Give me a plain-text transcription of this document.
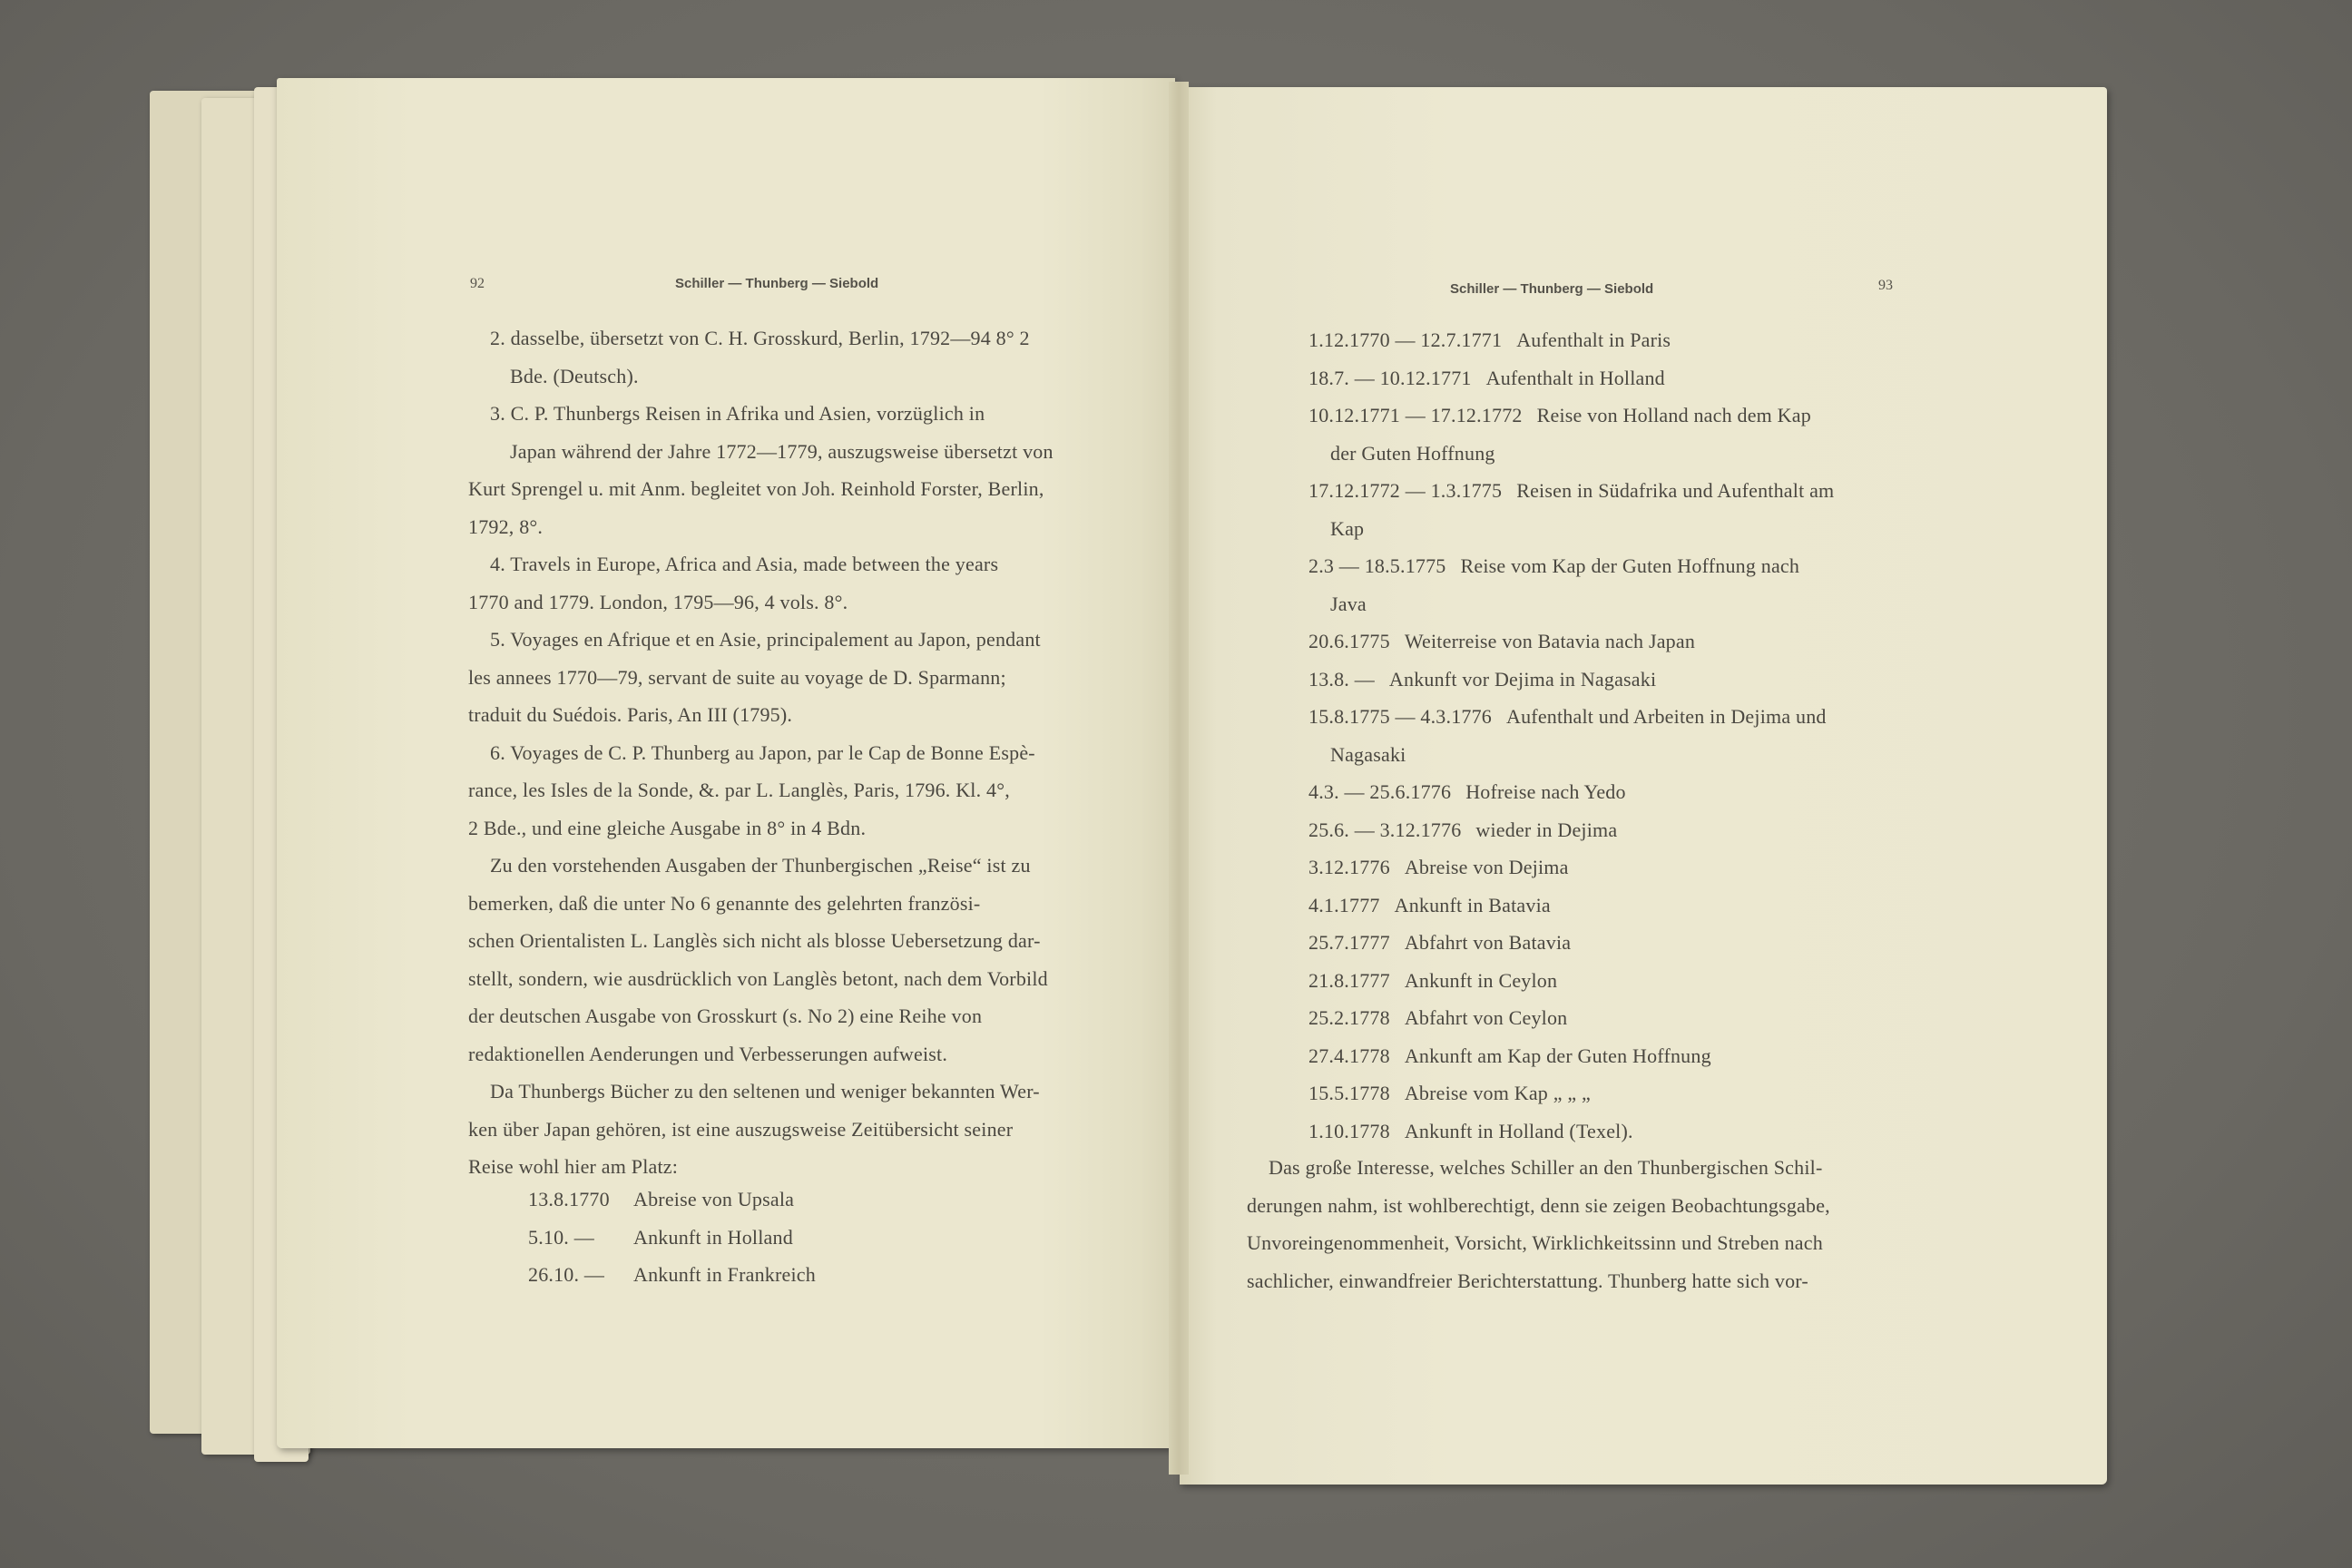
92	Schiller — Thunberg — Siebold
2. dasselbe, übersetzt von C. H. Grosskurd, Berlin, 1792—94 8° 2
Bde. (Deutsch).
3. C. P. Thunbergs Reisen in Afrika und Asien, vorzüglich in
Japan während der Jahre 1772—1779, auszugsweise übersetzt von
Kurt Sprengel u. mit Anm. begleitet von Joh. Reinhold Forster, Berlin,
1792, 8°.
4. Travels in Europe, Africa and Asia, made between the years
1770 and 1779. London, 1795—96, 4 vols. 8°.
5. Voyages en Afrique et en Asie, principalement au Japon, pendant
les annees 1770—79, servant de suite au voyage de D. Sparmann;
traduit du Suédois. Paris, An III (1795).
6. Voyages de C. P. Thunberg au Japon, par le Cap de Bonne Espè-
rance, les Isles de la Sonde, &. par L. Langlès, Paris, 1796. Kl. 4°,
2 Bde., und eine gleiche Ausgabe in 8° in 4 Bdn.
Zu den vorstehenden Ausgaben der Thunbergischen „Reise“ ist zu
bemerken, daß die unter No 6 genannte des gelehrten französi-
schen Orientalisten L. Langlès sich nicht als blosse Uebersetzung dar-
stellt, sondern, wie ausdrücklich von Langlès betont, nach dem Vorbild
der deutschen Ausgabe von Grosskurt (s. No 2) eine Reihe von
redaktionellen Aenderungen und Verbesserungen aufweist.
Da Thunbergs Bücher zu den seltenen und weniger bekannten Wer-
ken über Japan gehören, ist eine auszugsweise Zeitübersicht seiner
Reise wohl hier am Platz:
13.8.1770	Abreise von Upsala
5.10. —	Ankunft in Holland
26.10. —	Ankunft in Frankreich
Schiller — Thunberg — Siebold	93
1.12.1770 — 12.7.1771 Aufenthalt in Paris
18.7. — 10.12.1771 Aufenthalt in Holland
10.12.1771 — 17.12.1772 Reise von Holland nach dem Kap
der Guten Hoffnung
17.12.1772 — 1.3.1775 Reisen in Südafrika und Aufenthalt am
Kap
2.3 — 18.5.1775 Reise vom Kap der Guten Hoffnung nach
Java
20.6.1775 Weiterreise von Batavia nach Japan
13.8. — Ankunft vor Dejima in Nagasaki
15.8.1775 — 4.3.1776 Aufenthalt und Arbeiten in Dejima und
Nagasaki
4.3. — 25.6.1776 Hofreise nach Yedo
25.6. — 3.12.1776 wieder in Dejima
3.12.1776 Abreise von Dejima
4.1.1777 Ankunft in Batavia
25.7.1777 Abfahrt von Batavia
21.8.1777 Ankunft in Ceylon
25.2.1778 Abfahrt von Ceylon
27.4.1778 Ankunft am Kap der Guten Hoffnung
15.5.1778 Abreise vom Kap „ „ „
1.10.1778 Ankunft in Holland (Texel).
Das große Interesse, welches Schiller an den Thunbergischen Schil-
derungen nahm, ist wohlberechtigt, denn sie zeigen Beobachtungsgabe,
Unvoreingenommenheit, Vorsicht, Wirklichkeitssinn und Streben nach
sachlicher, einwandfreier Berichterstattung. Thunberg hatte sich vor-
